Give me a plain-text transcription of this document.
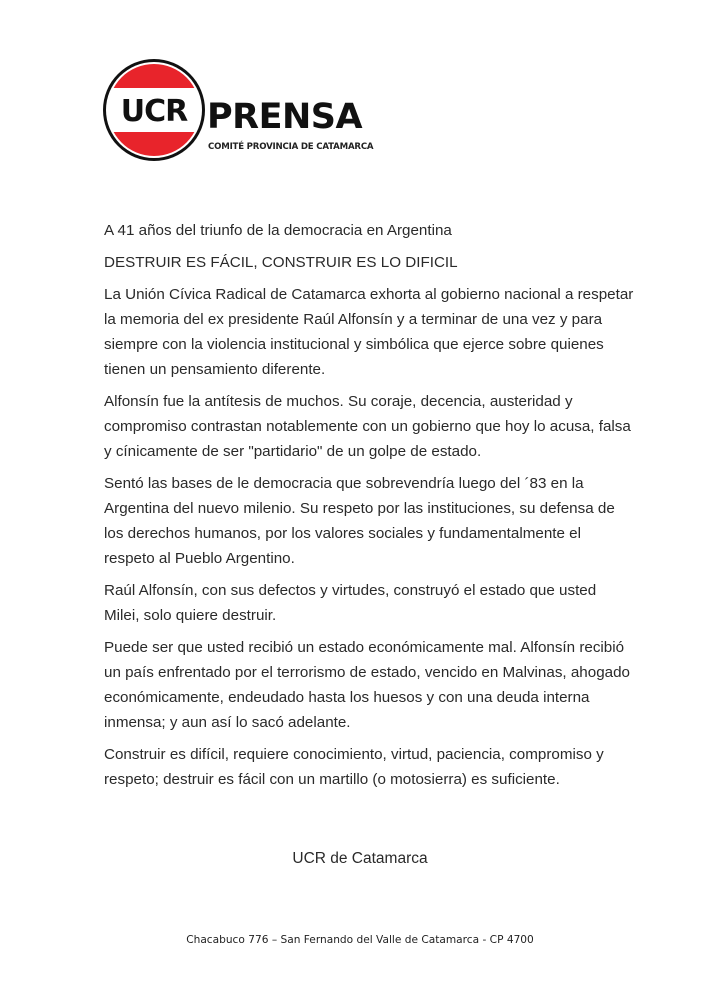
UCR PRENSA
COMITÉ PROVINCIA DE CATAMARCA

A 41 años del triunfo de la democracia en Argentina

DESTRUIR ES FÁCIL, CONSTRUIR ES LO DIFICIL

La Unión Cívica Radical de Catamarca exhorta al gobierno nacional a respetar la memoria del ex presidente Raúl Alfonsín y a terminar de una vez y para siempre con la violencia institucional y simbólica que ejerce sobre quienes tienen un pensamiento diferente.

Alfonsín fue la antítesis de muchos. Su coraje, decencia, austeridad y compromiso contrastan notablemente con un gobierno que hoy lo acusa, falsa y cínicamente de ser "partidario" de un golpe de estado.

Sentó las bases de le democracia que sobrevendría luego del ´83 en la Argentina del nuevo milenio. Su respeto por las instituciones, su defensa de los derechos humanos, por los valores sociales y fundamentalmente el respeto al Pueblo Argentino.

Raúl Alfonsín, con sus defectos y virtudes, construyó el estado que usted Milei, solo quiere destruir.

Puede ser que usted recibió un estado económicamente mal. Alfonsín recibió un país enfrentado por el terrorismo de estado, vencido en Malvinas, ahogado económicamente, endeudado hasta los huesos y con una deuda interna inmensa; y aun así lo sacó adelante.

Construir es difícil, requiere conocimiento, virtud, paciencia, compromiso y respeto; destruir es fácil con un martillo (o motosierra) es suficiente.

UCR de Catamarca
Chacabuco 776 – San Fernando del Valle de Catamarca - CP 4700
